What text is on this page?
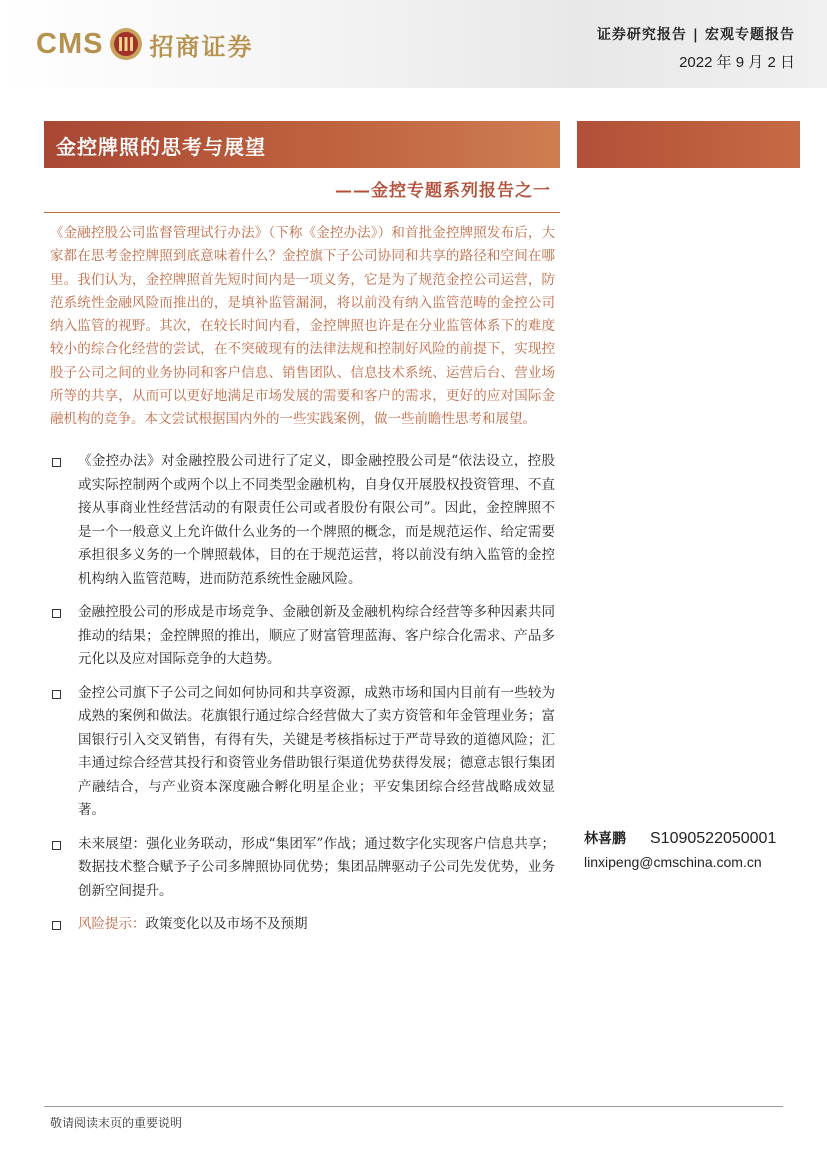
CMS 招商证券	证券研究报告 | 宏观专题报告
2022 年 9 月 2 日
金控牌照的思考与展望
——金控专题系列报告之一

《金融控股公司监督管理试行办法》（下称《金控办法》）和首批金控牌照发布后，大家都在思考金控牌照到底意味着什么？金控旗下子公司协同和共享的路径和空间在哪里。我们认为，金控牌照首先短时间内是一项义务，它是为了规范金控公司运营，防范系统性金融风险而推出的，是填补监管漏洞，将以前没有纳入监管范畴的金控公司纳入监管的视野。其次，在较长时间内看，金控牌照也许是在分业监管体系下的难度较小的综合化经营的尝试，在不突破现有的法律法规和控制好风险的前提下，实现控股子公司之间的业务协同和客户信息、销售团队、信息技术系统、运营后台、营业场所等的共享，从而可以更好地满足市场发展的需要和客户的需求，更好的应对国际金融机构的竞争。本文尝试根据国内外的一些实践案例，做一些前瞻性思考和展望。

《金控办法》对金融控股公司进行了定义，即金融控股公司是“依法设立，控股或实际控制两个或两个以上不同类型金融机构，自身仅开展股权投资管理、不直接从事商业性经营活动的有限责任公司或者股份有限公司”。因此，金控牌照不是一个一般意义上允许做什么业务的一个牌照的概念，而是规范运作、给定需要承担很多义务的一个牌照载体，目的在于规范运营，将以前没有纳入监管的金控机构纳入监管范畴，进而防范系统性金融风险。
金融控股公司的形成是市场竞争、金融创新及金融机构综合经营等多种因素共同推动的结果；金控牌照的推出，顺应了财富管理蓝海、客户综合化需求、产品多元化以及应对国际竞争的大趋势。
金控公司旗下子公司之间如何协同和共享资源，成熟市场和国内目前有一些较为成熟的案例和做法。花旗银行通过综合经营做大了卖方资管和年金管理业务；富国银行引入交叉销售，有得有失，关键是考核指标过于严苛导致的道德风险；汇丰通过综合经营其投行和资管业务借助银行渠道优势获得发展；德意志银行集团产融结合，与产业资本深度融合孵化明星企业；平安集团综合经营战略成效显著。
未来展望：强化业务联动，形成“集团军”作战；通过数字化实现客户信息共享；数据技术整合赋予子公司多牌照协同优势；集团品牌驱动子公司先发优势，业务创新空间提升。
风险提示：政策变化以及市场不及预期
林喜鹏	S1090522050001
linxipeng@cmschina.com.cn
敬请阅读末页的重要说明
